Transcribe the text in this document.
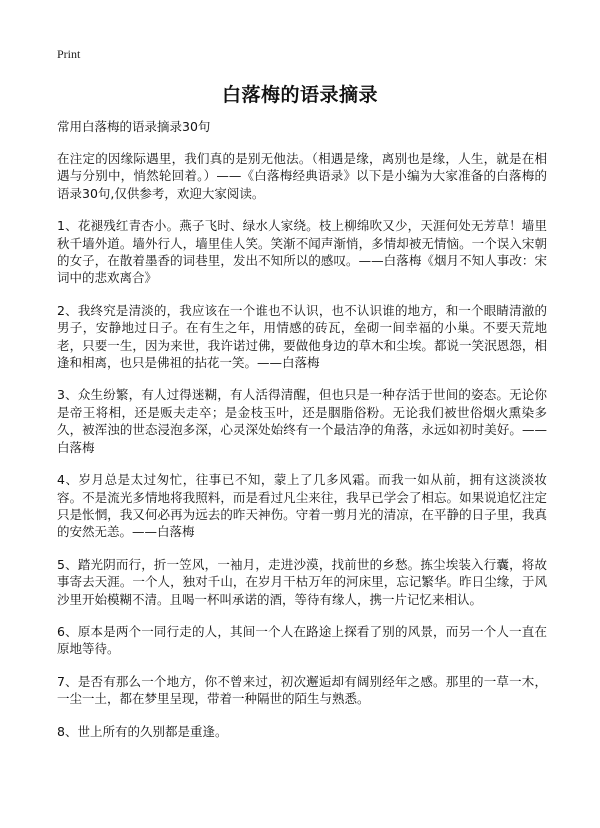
Print
白落梅的语录摘录

常用白落梅的语录摘录30句

在注定的因缘际遇里，我们真的是别无他法。（相遇是缘，离别也是缘，人生，就是在相遇与分别中，悄然轮回着。）——《白落梅经典语录》以下是小编为大家准备的白落梅的语录30句,仅供参考，欢迎大家阅读。

1、花褪残红青杏小。燕子飞时、绿水人家绕。枝上柳绵吹又少，天涯何处无芳草！墙里秋千墙外道。墙外行人，墙里佳人笑。笑渐不闻声渐悄，多情却被无情恼。一个误入宋朝的女子，在散着墨香的词巷里，发出不知所以的感叹。——白落梅《烟月不知人事改：宋词中的悲欢离合》

2、我终究是清淡的，我应该在一个谁也不认识，也不认识谁的地方，和一个眼睛清澈的男子，安静地过日子。在有生之年，用情感的砖瓦，垒砌一间幸福的小巢。不要天荒地老，只要一生，因为来世，我许诺过佛，要做他身边的草木和尘埃。都说一笑泯恩怨，相逢和相离，也只是佛祖的拈花一笑。——白落梅

3、众生纷繁，有人过得迷糊，有人活得清醒，但也只是一种存活于世间的姿态。无论你是帝王将相，还是贩夫走卒；是金枝玉叶，还是胭脂俗粉。无论我们被世俗烟火熏染多久，被浑浊的世态浸泡多深，心灵深处始终有一个最洁净的角落，永远如初时美好。——白落梅

4、岁月总是太过匆忙，往事已不知，蒙上了几多风霜。而我一如从前，拥有这淡淡妆容。不是流光多情地将我照料，而是看过凡尘来往，我早已学会了相忘。如果说追忆注定只是怅惘，我又何必再为远去的昨天神伤。守着一剪月光的清凉，在平静的日子里，我真的安然无恙。——白落梅

5、踏光阴而行，折一笠风，一袖月，走进沙漠，找前世的乡愁。拣尘埃装入行囊，将故事寄去天涯。一个人，独对千山，在岁月干枯万年的河床里，忘记繁华。昨日尘缘，于风沙里开始模糊不清。且喝一杯叫承诺的酒，等待有缘人，携一片记忆来相认。

6、原本是两个一同行走的人，其间一个人在路途上探看了别的风景，而另一个人一直在原地等待。

7、是否有那么一个地方，你不曾来过，初次邂逅却有阔别经年之感。那里的一草一木，一尘一土，都在梦里呈现，带着一种隔世的陌生与熟悉。

8、世上所有的久别都是重逢。
